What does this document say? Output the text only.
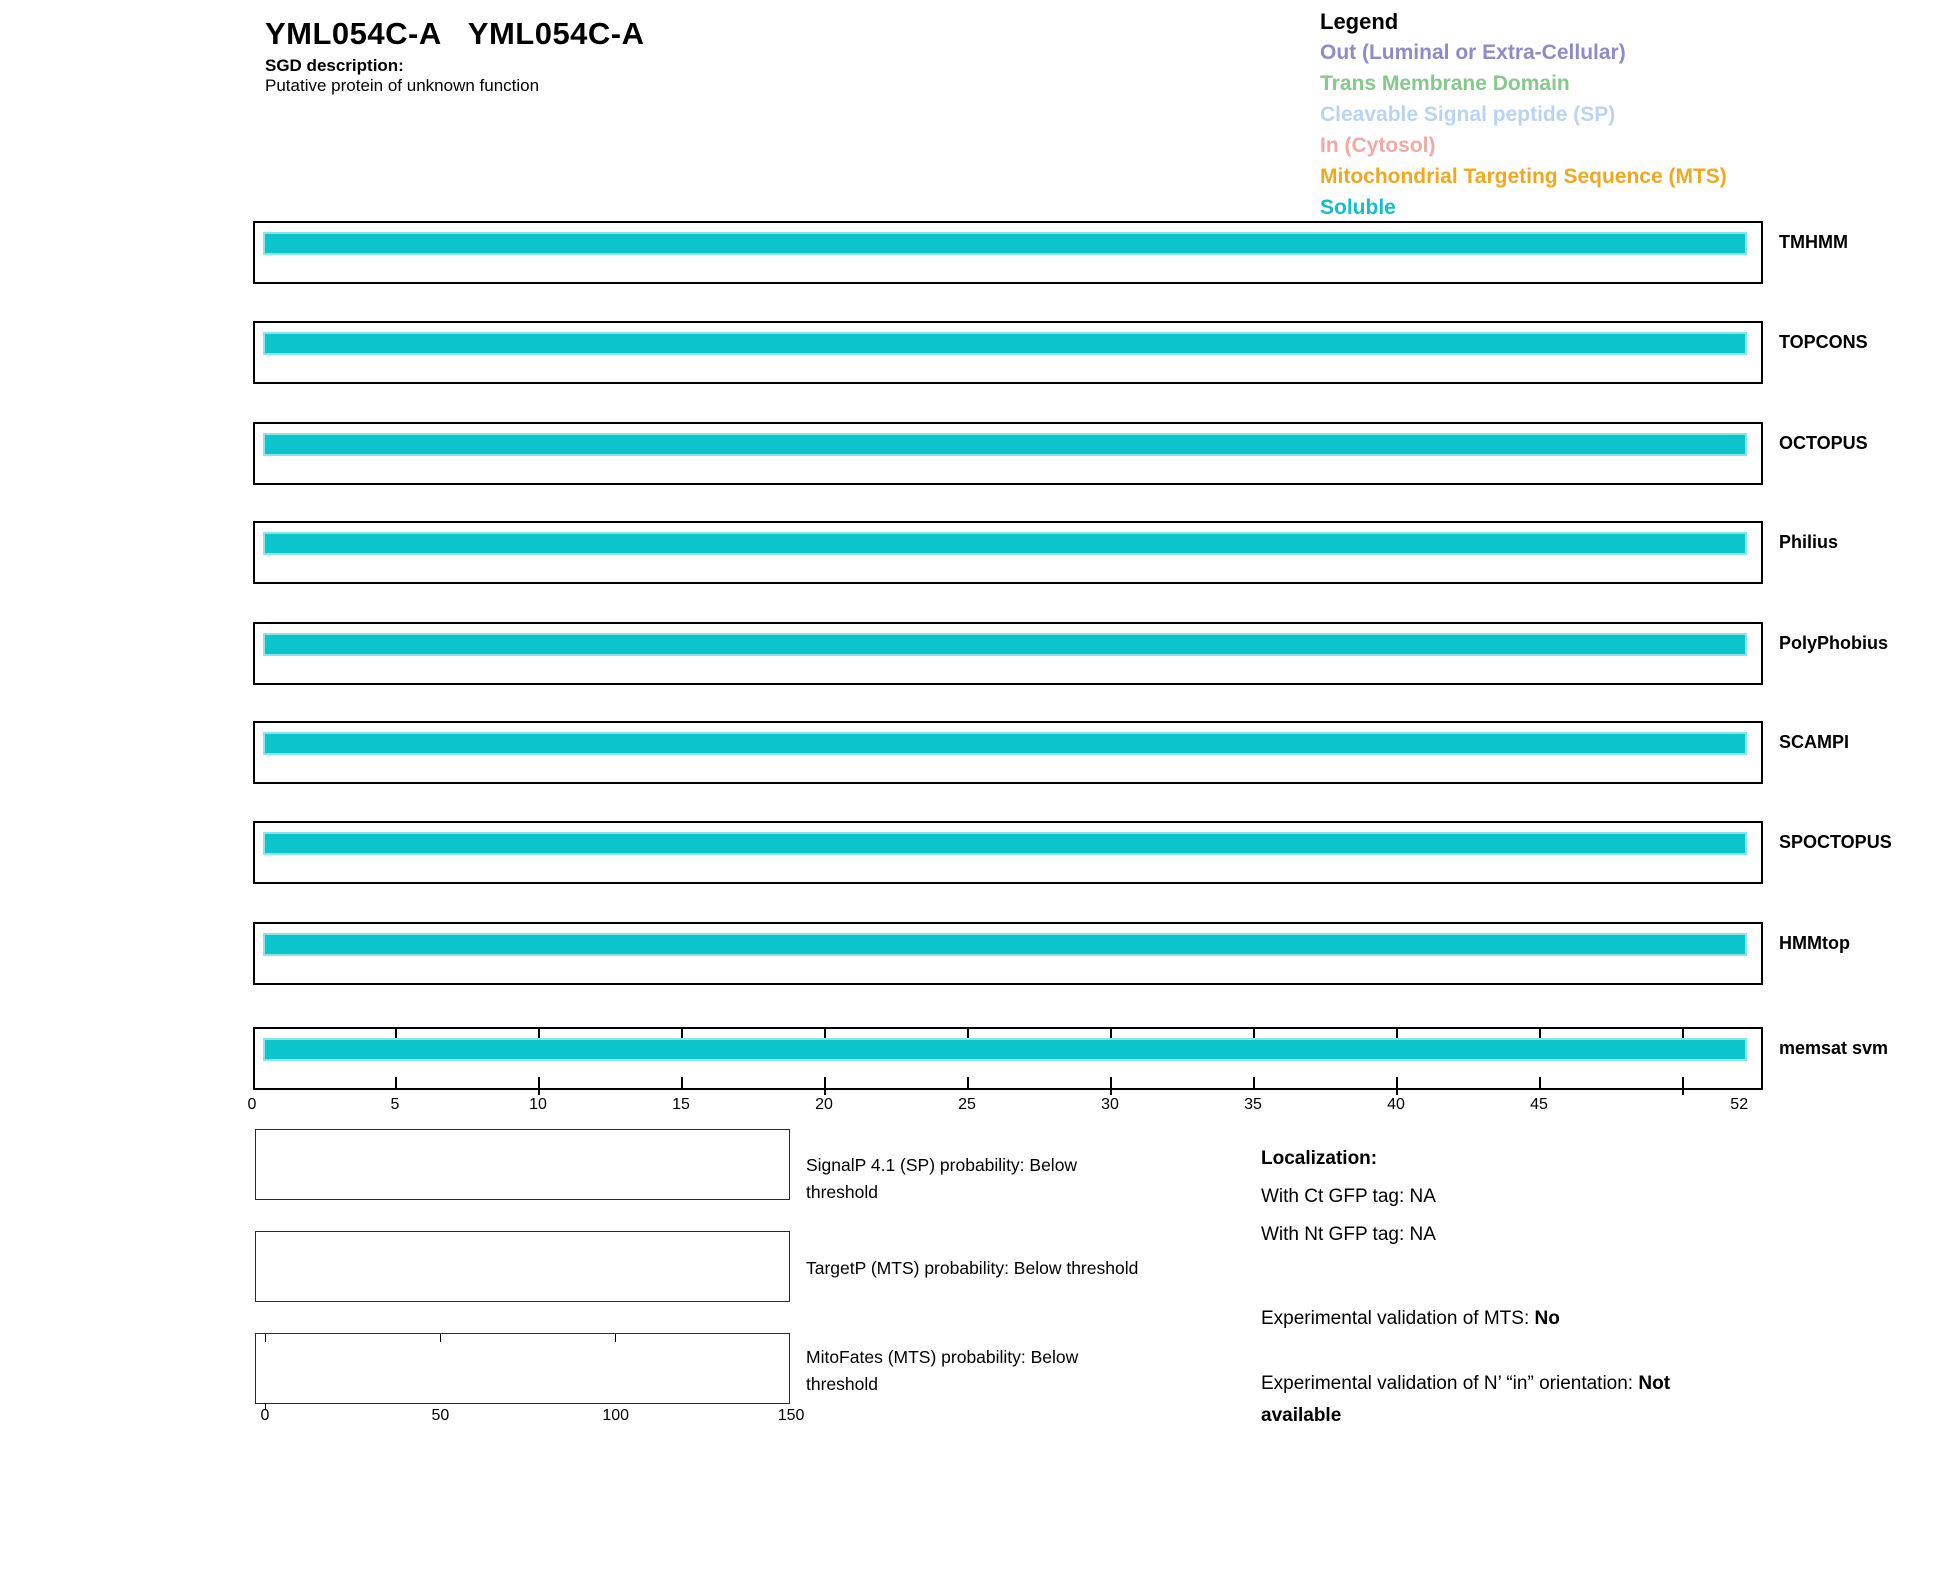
YML054C-A YML054C-A
SGD description:
Putative protein of unknown function
Legend
Out (Luminal or Extra-Cellular)
Trans Membrane Domain
Cleavable Signal peptide (SP)
In (Cytosol)
Mitochondrial Targeting Sequence (MTS)
Soluble
TMHMM
TOPCONS
OCTOPUS
Philius
PolyPhobius
SCAMPI
SPOCTOPUS
HMMtop
memsat svm
0	5	10	15	20	25	30	35	40	45	52
SignalP 4.1 (SP) probability: Below threshold
TargetP (MTS) probability: Below threshold
MitoFates (MTS) probability: Below threshold
0	50	100	150
Localization:
With Ct GFP tag: NA
With Nt GFP tag: NA
Experimental validation of MTS: No
Experimental validation of N’ “in” orientation: Not available
